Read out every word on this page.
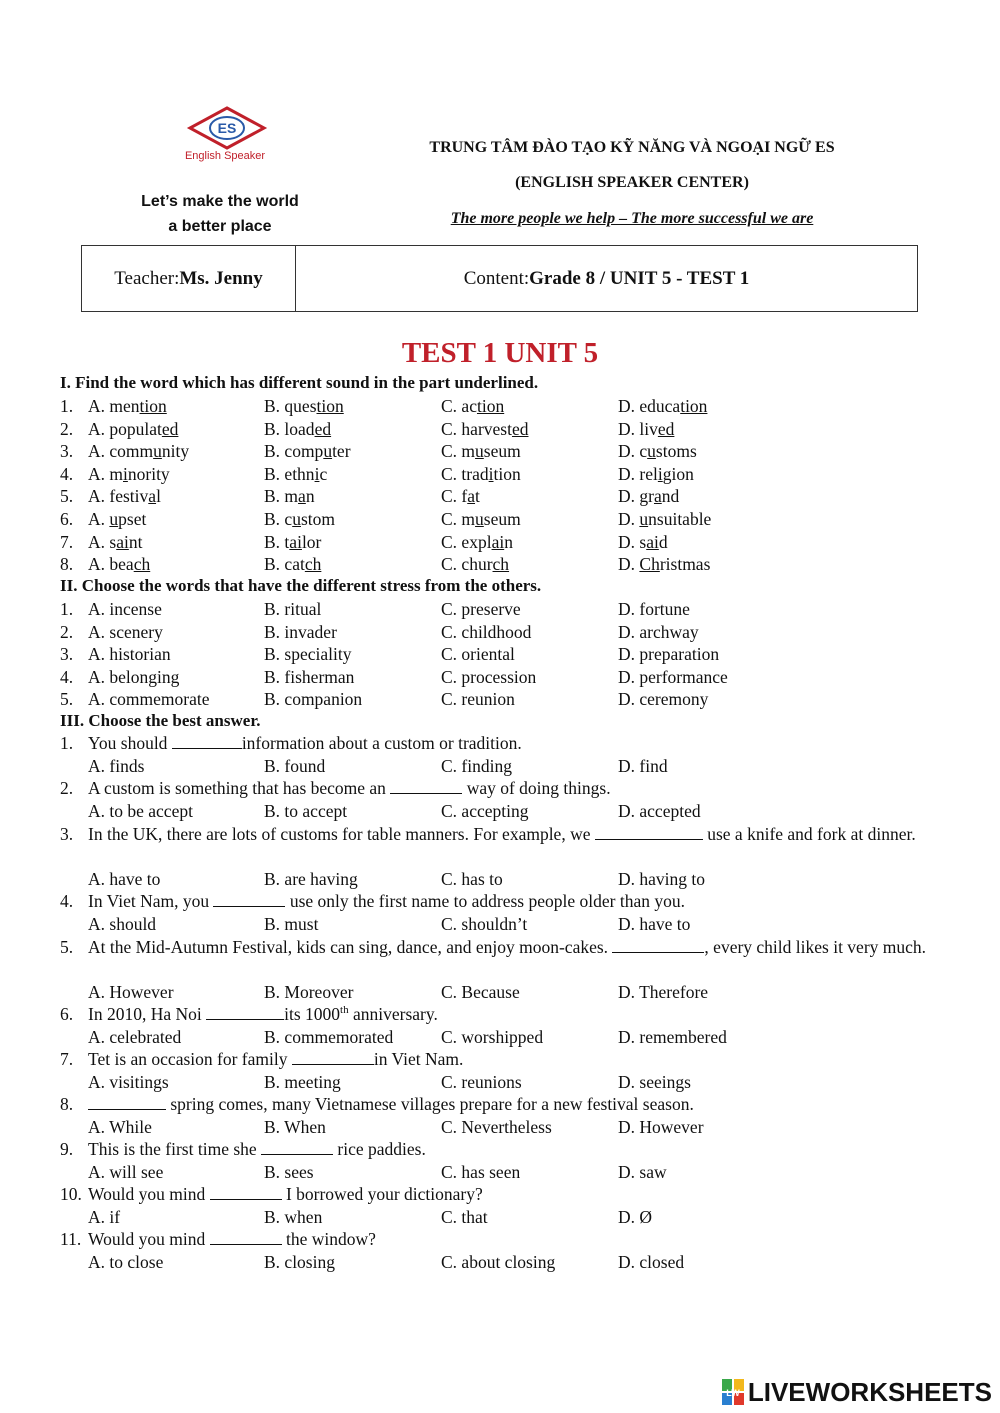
ES
English Speaker
Let’s make the world
a better place
TRUNG TÂM ĐÀO TẠO KỸ NĂNG VÀ NGOẠI NGỮ ES
(ENGLISH SPEAKER CENTER)
The more people we help – The more successful we are
Teacher: Ms. Jenny	Content: Grade 8 / UNIT 5 - TEST 1
TEST 1 UNIT 5
I. Find the word which has different sound in the part underlined.
1. A. mention	B. question	C. action	D. education
2. A. populated	B. loaded	C. harvested	D. lived
3. A. community	B. computer	C. museum	D. customs
4. A. minority	B. ethnic	C. tradition	D. religion
5. A. festival	B. man	C. fat	D. grand
6. A. upset	B. custom	C. museum	D. unsuitable
7. A. saint	B. tailor	C. explain	D. said
8. A. beach	B. catch	C. church	D. Christmas
II. Choose the words that have the different stress from the others.
1. A. incense	B. ritual	C. preserve	D. fortune
2. A. scenery	B. invader	C. childhood	D. archway
3. A. historian	B. speciality	C. oriental	D. preparation
4. A. belonging	B. fisherman	C. procession	D. performance
5. A. commemorate	B. companion	C. reunion	D. ceremony
III. Choose the best answer.
1. You should	information about a custom or tradition.
A. finds	B. found	C. finding	D. find
2. A custom is something that has become an	way of doing things.
A. to be accept	B. to accept	C. accepting	D. accepted
3. In the UK, there are lots of customs for table manners. For example, we	use a knife and fork at dinner.
A. have to	B. are having	C. has to	D. having to
4. In Viet Nam, you	use only the first name to address people older than you.
A. should	B. must	C. shouldn’t	D. have to
5. At the Mid-Autumn Festival, kids can sing, dance, and enjoy moon-cakes.	, every child likes it very much.
A. However	B. Moreover	C. Because	D. Therefore
6. In 2010, Ha Noi	its 1000th anniversary.
A. celebrated	B. commemorated	C. worshipped	D. remembered
7. Tet is an occasion for family	in Viet Nam.
A. visitings	B. meeting	C. reunions	D. seeings
8.	spring comes, many Vietnamese villages prepare for a new festival season.
A. While	B. When	C. Nevertheless	D. However
9. This is the first time she	rice paddies.
A. will see	B. sees	C. has seen	D. saw
10. Would you mind	I borrowed your dictionary?
A. if	B. when	C. that	D. Ø
11. Would you mind	the window?
A. to close	B. closing	C. about closing	D. closed
LW LIVEWORKSHEETS
